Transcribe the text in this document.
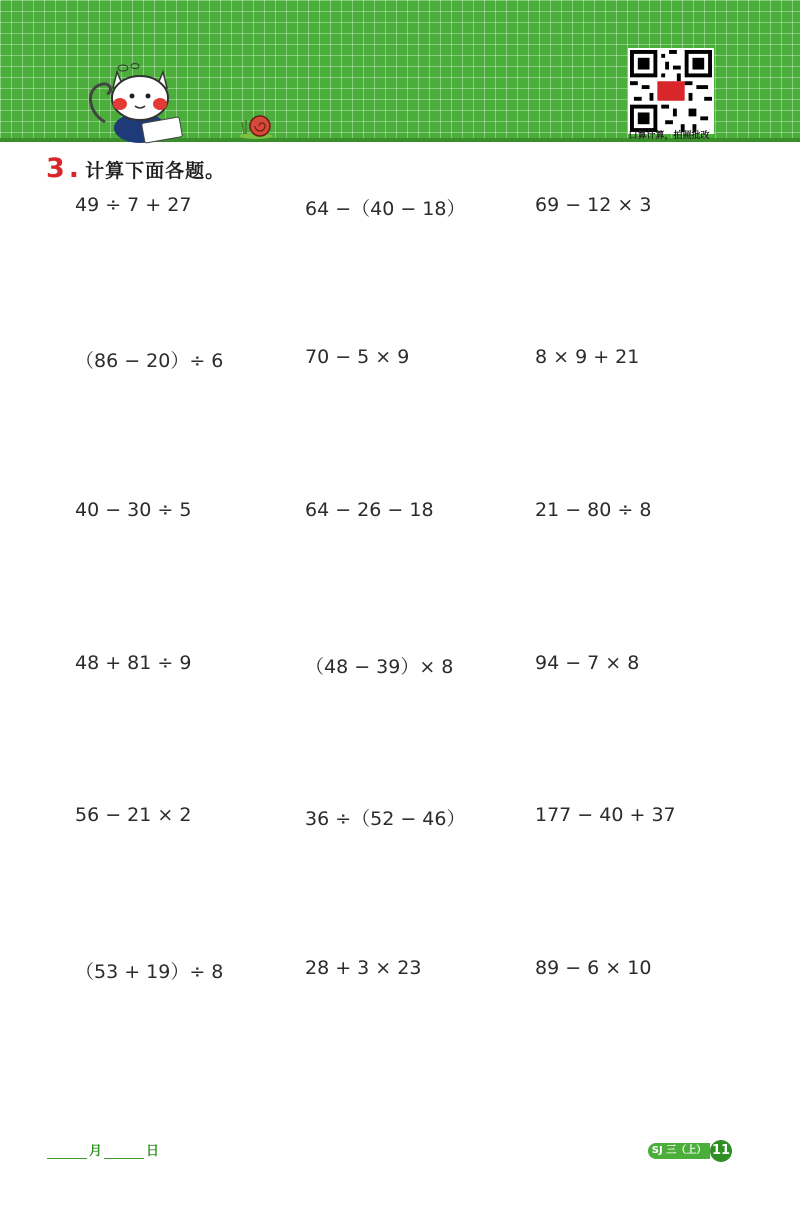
口算计算，拍照批改
3 . 计算下面各题。
49 ÷ 7 + 27	64 −（40 − 18）	69 − 12 × 3
（86 − 20）÷ 6	70 − 5 × 9	8 × 9 + 21
40 − 30 ÷ 5	64 − 26 − 18	21 − 80 ÷ 8
48 + 81 ÷ 9	（48 − 39）× 8	94 − 7 × 8
56 − 21 × 2	36 ÷（52 − 46）	177 − 40 + 37
（53 + 19）÷ 8	28 + 3 × 23	89 − 6 × 10
月	日	SJ 三（上） 11
